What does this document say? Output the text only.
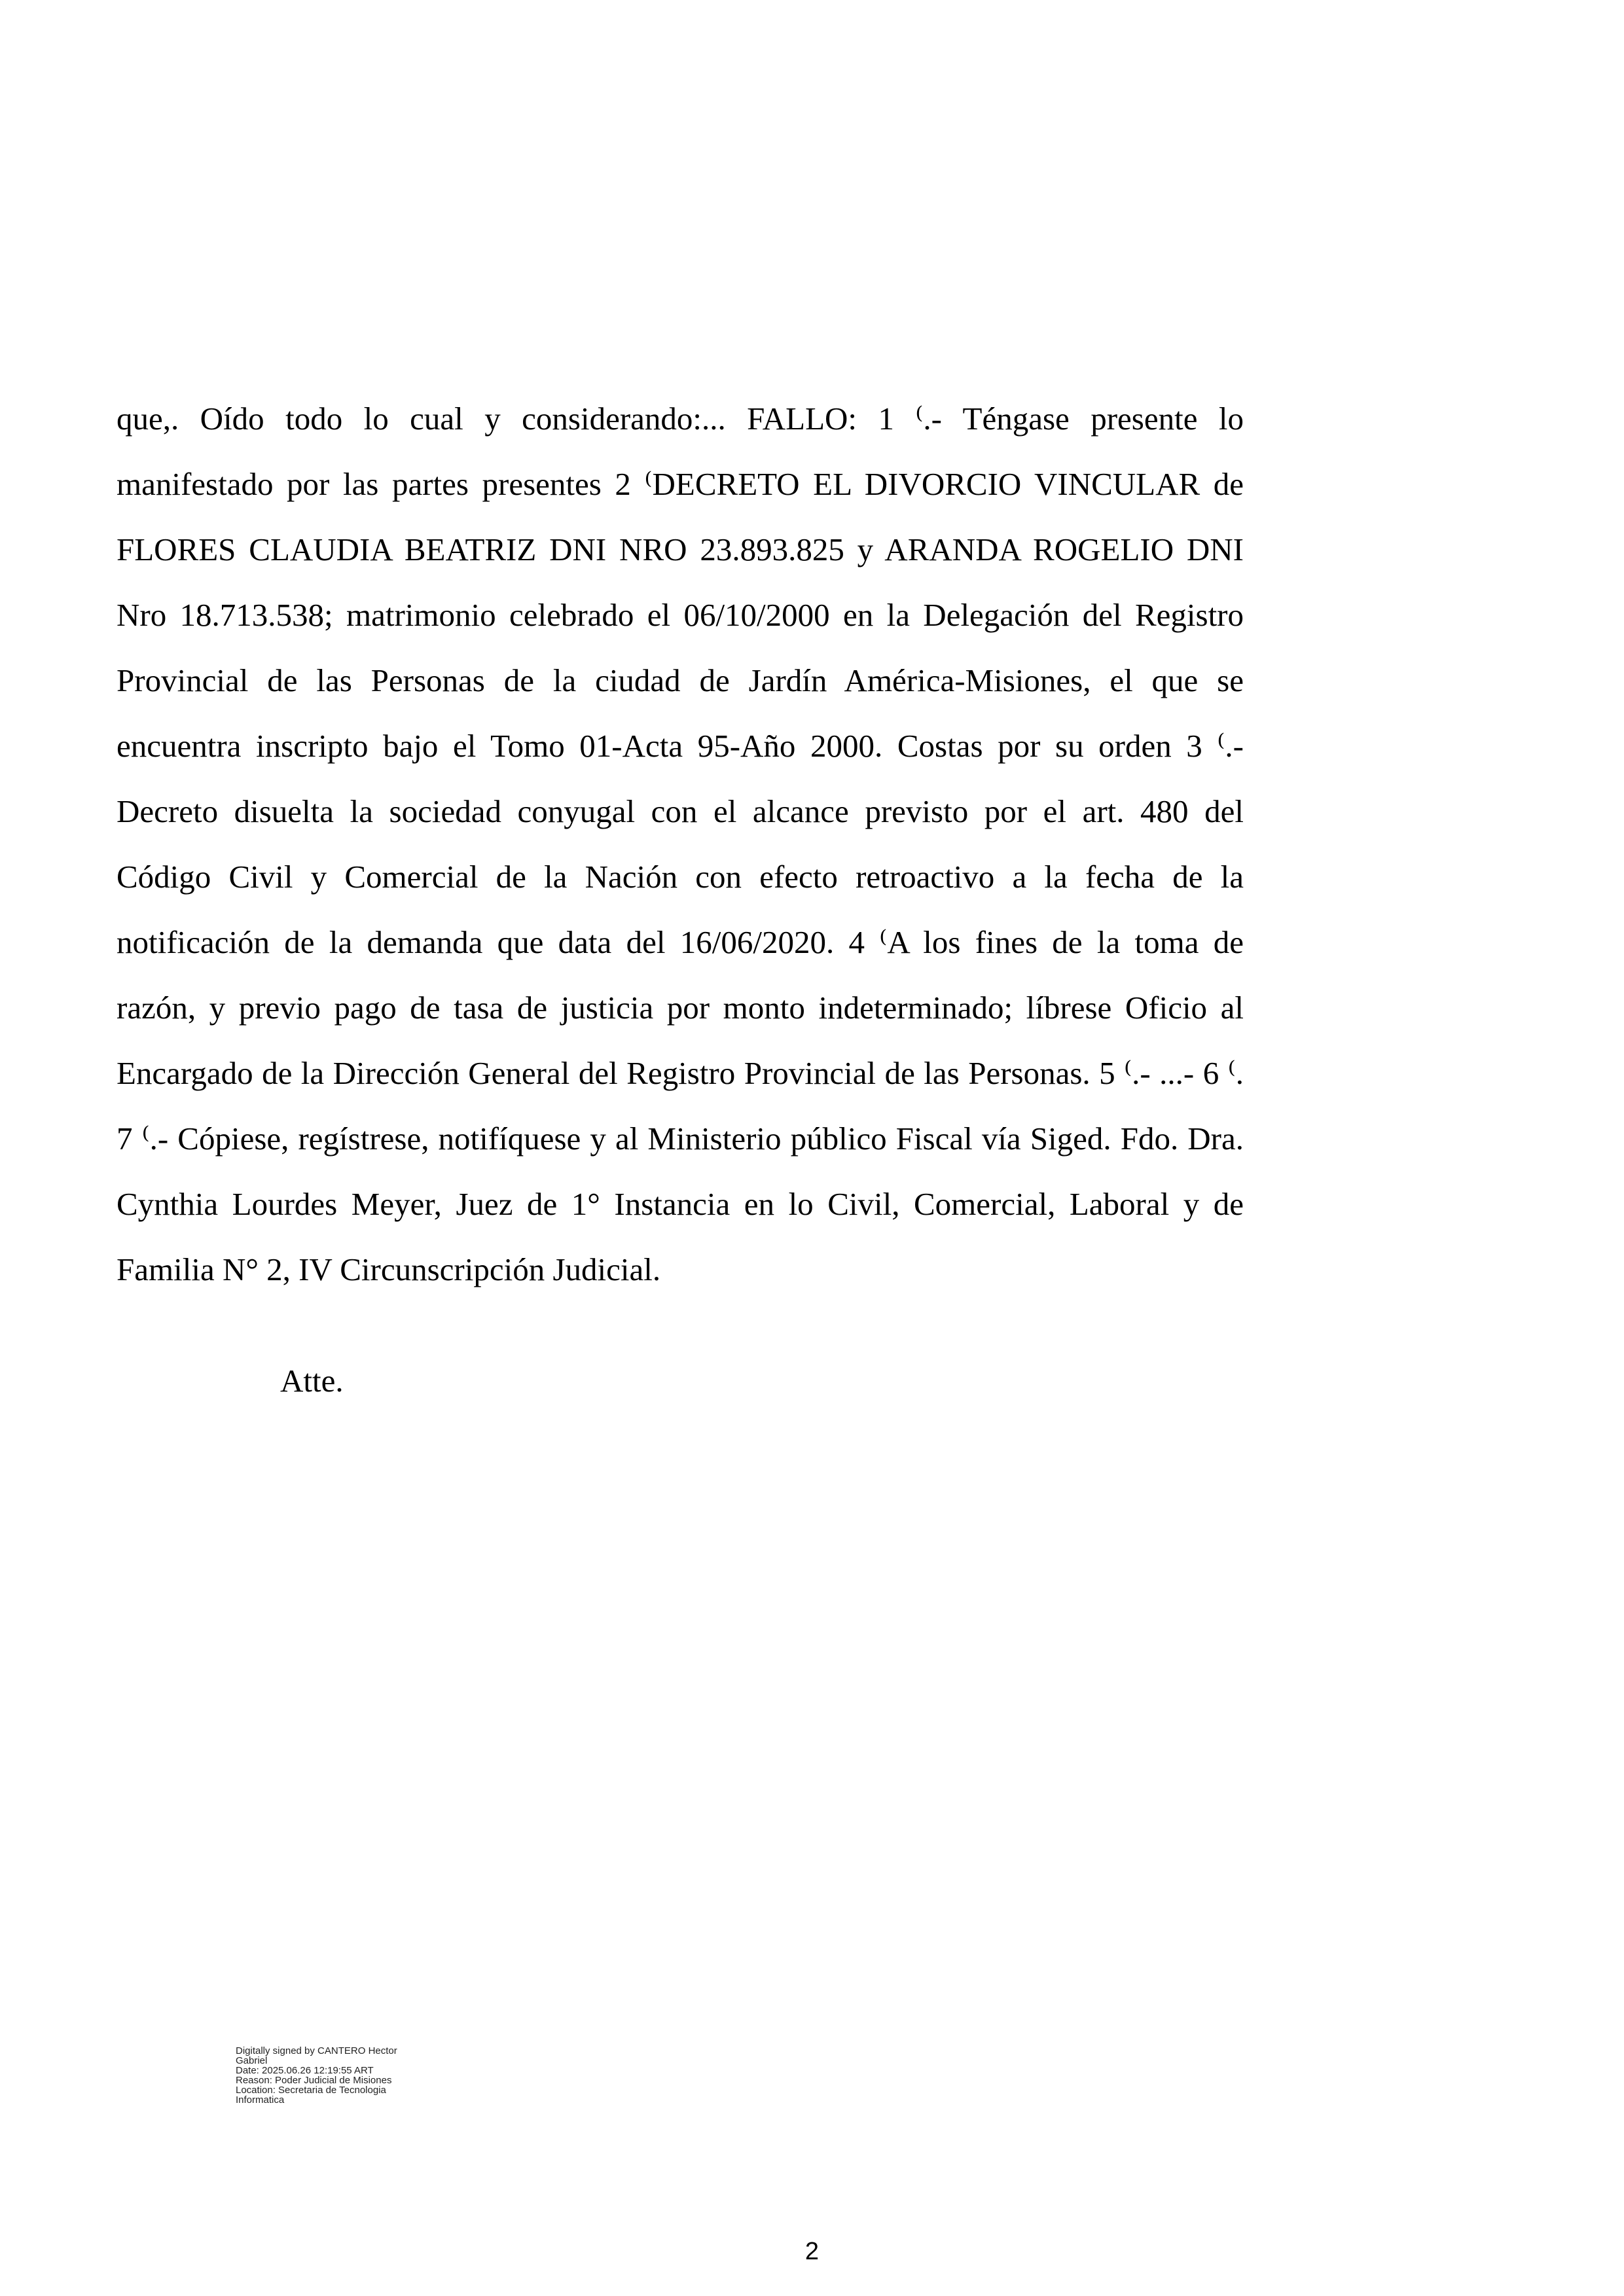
que,. Oído todo lo cual y considerando:... FALLO: 1 ⁽.- Téngase presente lo
manifestado por las partes presentes 2 ⁽DECRETO EL DIVORCIO VINCULAR de
FLORES CLAUDIA BEATRIZ DNI NRO 23.893.825 y ARANDA ROGELIO DNI
Nro 18.713.538; matrimonio celebrado el 06/10/2000 en la Delegación del Registro
Provincial de las Personas de la ciudad de Jardín América-Misiones, el que se
encuentra inscripto bajo el Tomo 01-Acta 95-Año 2000. Costas por su orden 3 ⁽.-
Decreto disuelta la sociedad conyugal con el alcance previsto por el art. 480 del
Código Civil y Comercial de la Nación con efecto retroactivo a la fecha de la
notificación de la demanda que data del 16/06/2020. 4 ⁽A los fines de la toma de
razón, y previo pago de tasa de justicia por monto indeterminado; líbrese Oficio al
Encargado de la Dirección General del Registro Provincial de las Personas. 5 ⁽.- ...- 6 ⁽.
7 ⁽.- Cópiese, regístrese, notifíquese y al Ministerio público Fiscal vía Siged. Fdo. Dra.
Cynthia Lourdes Meyer, Juez de 1° Instancia en lo Civil, Comercial, Laboral y de
Familia N° 2, IV Circunscripción Judicial.

Atte.

Digitally signed by CANTERO Hector
Gabriel
Date: 2025.06.26 12:19:55 ART
Reason: Poder Judicial de Misiones
Location: Secretaria de Tecnologia
Informatica
2
